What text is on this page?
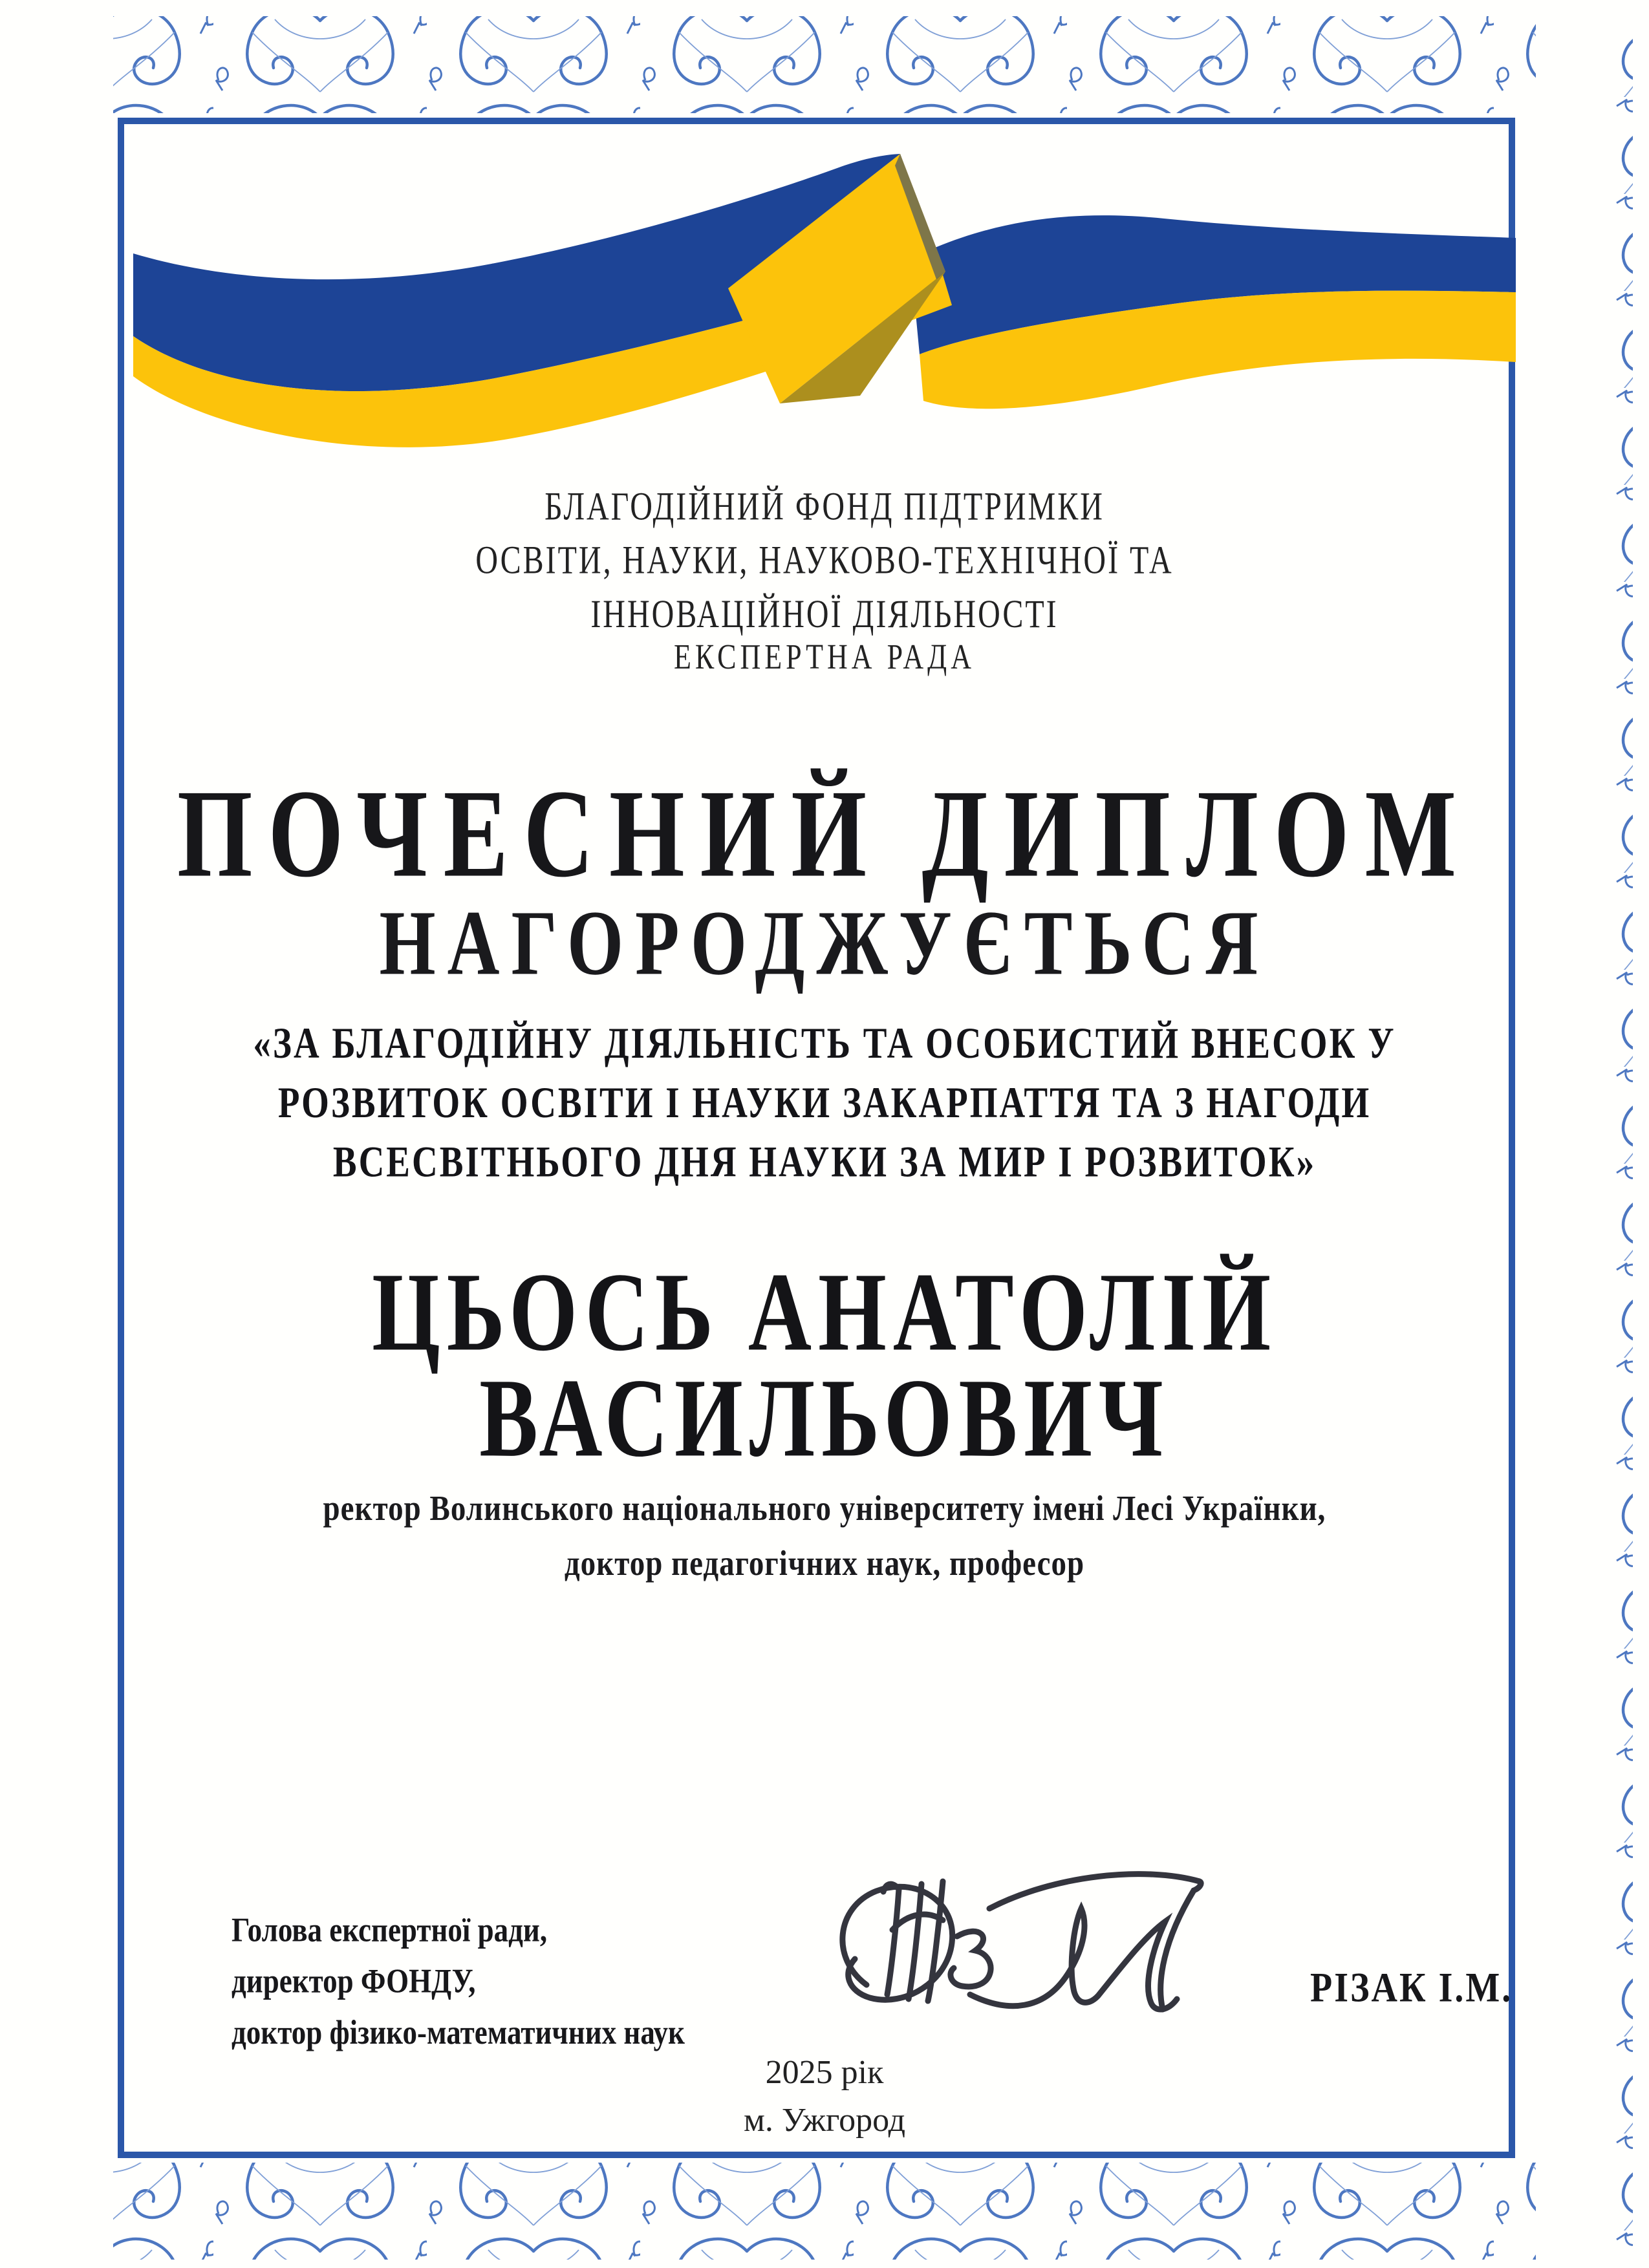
БЛАГОДІЙНИЙ ФОНД ПІДТРИМКИ
ОСВІТИ, НАУКИ, НАУКОВО-ТЕХНІЧНОЇ ТА
ІННОВАЦІЙНОЇ ДІЯЛЬНОСТІ
ЕКСПЕРТНА РАДА
ПОЧЕСНИЙ ДИПЛОМ
НАГОРОДЖУЄТЬСЯ
«ЗА БЛАГОДІЙНУ ДІЯЛЬНІСТЬ ТА ОСОБИСТИЙ ВНЕСОК У
РОЗВИТОК ОСВІТИ І НАУКИ ЗАКАРПАТТЯ ТА З НАГОДИ
ВСЕСВІТНЬОГО ДНЯ НАУКИ ЗА МИР І РОЗВИТОК»
ЦЬОСЬ АНАТОЛІЙ
ВАСИЛЬОВИЧ
ректор Волинського національного університету імені Лесі Українки,
доктор педагогічних наук, професор
Голова експертної ради,
директор ФОНДУ,
доктор фізико-математичних наук
РІЗАК І.М.
2025 рік
м. Ужгород
